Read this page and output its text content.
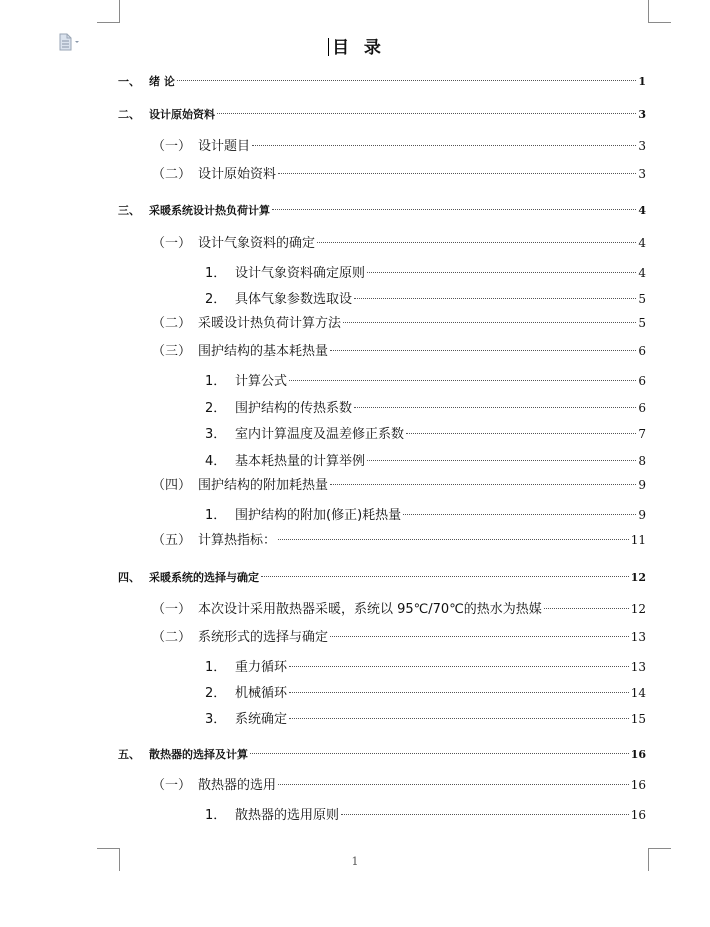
目  录
一、 绪 论	1
二、 设计原始资料	3
（一） 设计题目	3
（二） 设计原始资料	3
三、 采暖系统设计热负荷计算	4
（一） 设计气象资料的确定	4
1． 设计气象资料确定原则	4
2． 具体气象参数选取设	5
（二） 采暖设计热负荷计算方法	5
（三） 围护结构的基本耗热量	6
1． 计算公式	6
2． 围护结构的传热系数	6
3． 室内计算温度及温差修正系数	7
4． 基本耗热量的计算举例	8
（四） 围护结构的附加耗热量	9
1． 围护结构的附加(修正)耗热量	9
（五） 计算热指标：	11
四、 采暖系统的选择与确定	12
（一） 本次设计采用散热器采暖，系统以 95℃/70℃的热水为热媒	12
（二） 系统形式的选择与确定	13
1． 重力循环	13
2． 机械循环	14
3． 系统确定	15
五、 散热器的选择及计算	16
（一） 散热器的选用	16
1． 散热器的选用原则	16
1
